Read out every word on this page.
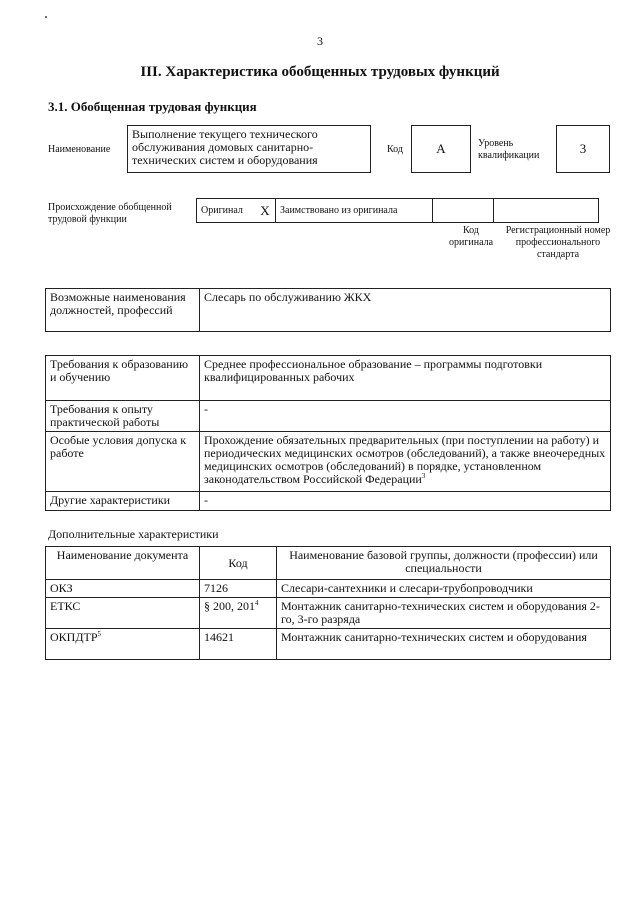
3
III. Характеристика обобщенных трудовых функций
3.1. Обобщенная трудовая функция
Наименование
Выполнение текущего технического обслуживания домовых санитарно-технических систем и оборудования
Код	А	Уровень квалификации	3
Происхождение обобщенной трудовой функции
Оригинал	Х	Заимствовано из оригинала		
Код оригинала
Регистрационный номер профессионального стандарта
Возможные наименования должностей, профессий	Слесарь по обслуживанию ЖКХ
Требования к образованию и обучению	Среднее профессиональное образование – программы подготовки квалифицированных рабочих
Требования к опыту практической работы	-
Особые условия допуска к работе	Прохождение обязательных предварительных (при поступлении на работу) и периодических медицинских осмотров (обследований), а также внеочередных медицинских осмотров (обследований) в порядке, установленном законодательством Российской Федерации$^3$
Другие характеристики	-
Дополнительные характеристики
Наименование документа	Код	Наименование базовой группы, должности (профессии) или специальности
ОКЗ	7126	Слесари-сантехники и слесари-трубопроводчики
ЕТКС	§ 200, $201^4$	Монтажник санитарно-технических систем и оборудования 2-го, 3-го разряда
ОКПДТР$^5$	14621	Монтажник санитарно-технических систем и оборудования
